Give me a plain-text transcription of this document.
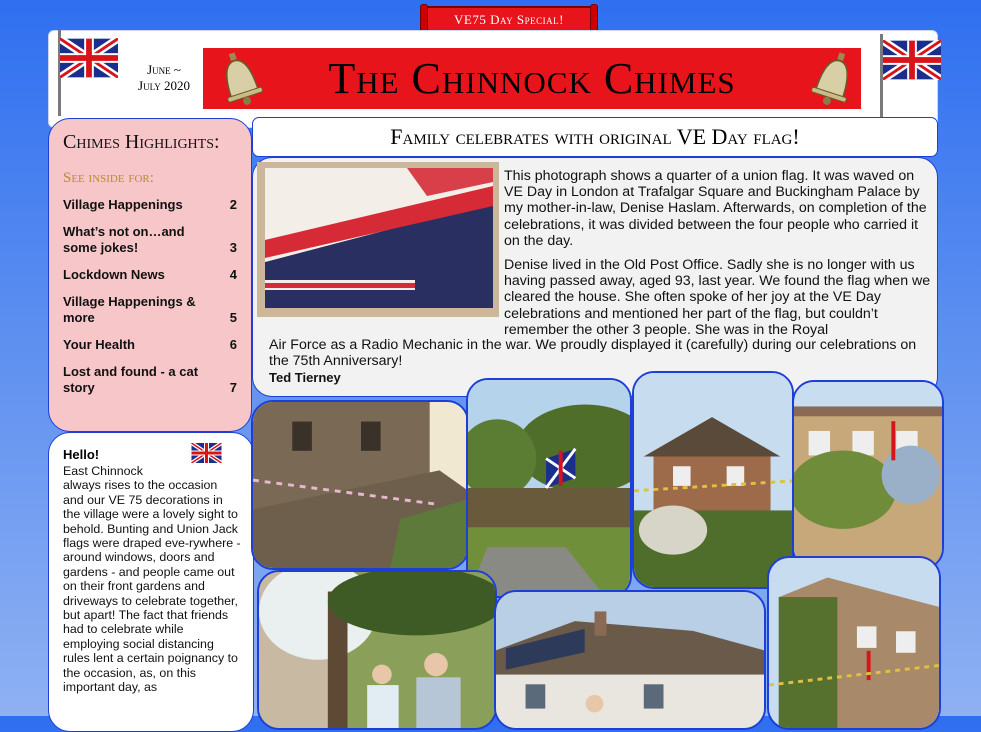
VE75 Day Special!
June ~
July 2020	The Chinnock Chimes
Chimes Highlights:
See inside for:
Village Happenings	2
What’s not on…and some jokes!	3
Lockdown News	4
Village Happenings & more	5
Your Health	6
Lost and found - a cat story	7
Hello!
East Chinnock
always rises to the occasion and our VE 75 decorations in the village were a lovely sight to behold. Bunting and Union Jack flags were draped eve-rywhere - around windows, doors and gardens - and people came out on their front gardens and driveways to celebrate together, but apart! The fact that friends had to celebrate while employing social distancing rules lent a certain poignancy to the occasion, as, on this important day, as
Family celebrates with original VE Day flag!

This photograph shows a quarter of a union flag. It was waved on VE Day in London at Trafalgar Square and Buckingham Palace by my mother-in-law, Denise Haslam. Afterwards, on completion of the celebrations, it was divided between the four people who carried it on the day.

Denise lived in the Old Post Office. Sadly she is no longer with us having passed away, aged 93, last year. We found the flag when we cleared the house. She often spoke of her joy at the VE Day celebrations and mentioned her part of the flag, but couldn’t remember the other 3 people. She was in the Royal

Air Force as a Radio Mechanic in the war. We proudly displayed it (carefully) during our celebrations on the 75th Anniversary!
Ted Tierney
